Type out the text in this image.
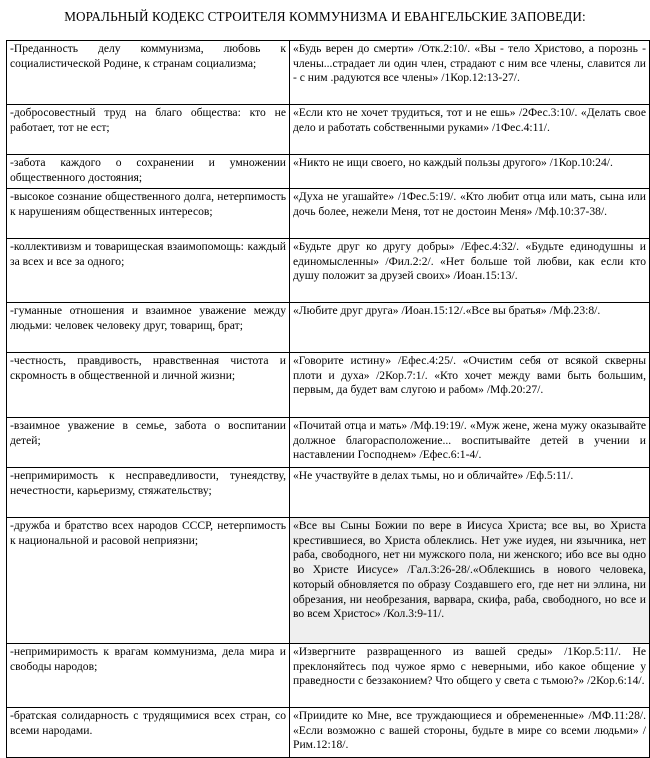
МОРАЛЬНЫЙ КОДЕКС СТРОИТЕЛЯ КОММУНИЗМА И ЕВАНГЕЛЬСКИЕ ЗАПОВЕДИ:
-Преданность делу коммунизма, любовь к социалистической Родине, к странам социализма;	«Будь верен до смерти» /Отк.2:10/. «Вы - тело Христово, а порознь - члены...страдает ли один член, страдают с ним все члены, славится ли - с ним .радуются все члены» /1Кор.12:13-27/.
-добросовестный труд на благо общества: кто не работает, тот не ест;	«Если кто не хочет трудиться, тот и не ешь» /2Фес.3:10/. «Делать свое дело и работать собственными руками» /1Фес.4:11/.
-забота каждого о сохранении и умножении общественного достояния;	«Никто не ищи своего, но каждый пользы другого» /1Кор.10:24/.
-высокое сознание общественного долга, нетерпимость к нарушениям общественных интересов;	«Духа не угашайте» /1Фес.5:19/. «Кто любит отца или мать, сына или дочь более, нежели Меня, тот не достоин Меня» /Мф.10:37-38/.
-коллективизм и товарищеская взаимопомощь: каждый за всех и все за одного;	«Будьте друг ко другу добры» /Ефес.4:32/. «Будьте единодушны и единомысленны» /Фил.2:2/. «Нет больше той любви, как если кто душу положит за друзей своих» /Иоан.15:13/.
-гуманные отношения и взаимное уважение между людьми: человек человеку друг, товарищ, брат;	«Любите друг друга» /Иоан.15:12/.«Все вы братья» /Мф.23:8/.
-честность, правдивость, нравственная чистота и скромность в общественной и личной жизни;	«Говорите истину» /Ефес.4:25/. «Очистим себя от всякой скверны плоти и духа» /2Кор.7:1/. «Кто хочет между вами быть большим, первым, да будет вам слугою и рабом» /Мф.20:27/.
-взаимное уважение в семье, забота о воспитании детей;	«Почитай отца и мать» /Мф.19:19/. «Муж жене, жена мужу оказывайте должное благорасположение... воспитывайте детей в учении и наставлении Господнем» /Ефес.6:1-4/.
-непримиримость к несправедливости, тунеядству, нечестности, карьеризму, стяжательству;	«Не участвуйте в делах тьмы, но и обличайте» /Еф.5:11/.
-дружба и братство всех народов СССР, нетерпимость к национальной и расовой неприязни;	«Все вы Сыны Божии по вере в Иисуса Христа; все вы, во Христа крестившиеся, во Христа облеклись. Нет уже иудея, ни язычника, нет раба, свободного, нет ни мужского пола, ни женского; ибо все вы одно во Христе Иисусе» /Гал.3:26-28/.«Облекшись в нового человека, который обновляется по образу Создавшего его, где нет ни эллина, ни обрезания, ни необрезания, варвара, скифа, раба, свободного, но все и во всем Христос» /Кол.3:9-11/.
-непримиримость к врагам коммунизма, дела мира и свободы народов;	«Извергните развращенного из вашей среды» /1Кор.5:11/. Не преклоняйтесь под чужое ярмо с неверными, ибо какое общение у праведности с беззаконием? Что общего у света с тьмою?» /2Кор.6:14/.
-братская солидарность с трудящимися всех стран, со всеми народами.	«Приидите ко Мне, все труждающиеся и обремененные» /МФ.11:28/. «Если возможно с вашей стороны, будьте в мире со всеми людьми» /Рим.12:18/.
